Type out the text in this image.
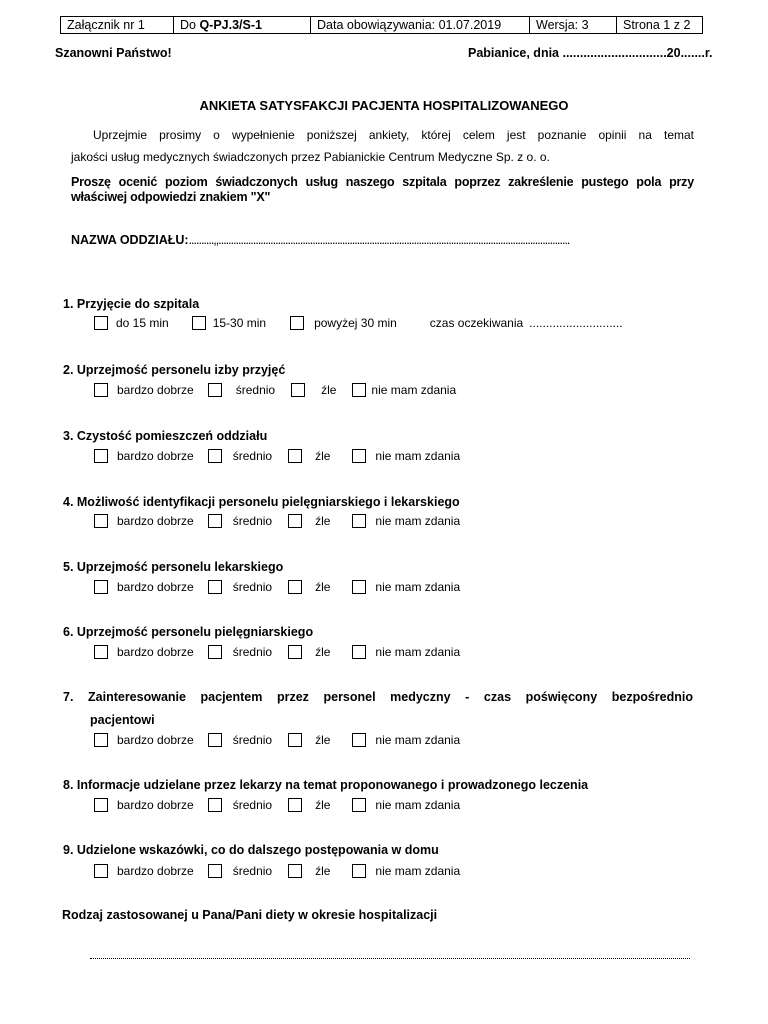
Załącznik nr 1	Do Q-PJ.3/S-1	Data obowiązywania: 01.07.2019	Wersja: 3	Strona 1 z 2
Szanowni Państwo!	Pabianice, dnia ..............................20.......r.
ANKIETA SATYSFAKCJI PACJENTA HOSPITALIZOWANEGO

Uprzejmie prosimy o wypełnienie poniższej ankiety, której celem jest poznanie opinii na temat

jakości usług medycznych świadczonych przez Pabianickie Centrum Medyczne Sp. z o. o.

Proszę ocenić poziom świadczonych usług naszego szpitala poprzez zakreślenie pustego pola przy właściwej odpowiedzi znakiem "X"
NAZWA ODDZIAŁU:..........,,..............................................................................................................................................
1. Przyjęcie do szpitala
do 15 min	15-30 min	powyżej 30 min	czas oczekiwania ............................
2. Uprzejmość personelu izby przyjęć
bardzo dobrze	średnio	źle	nie mam zdania
3. Czystość pomieszczeń oddziału
bardzo dobrze	średnio	źle	nie mam zdania
4. Możliwość identyfikacji personelu pielęgniarskiego i lekarskiego
bardzo dobrze	średnio	źle	nie mam zdania
5. Uprzejmość personelu lekarskiego
bardzo dobrze	średnio	źle	nie mam zdania
6. Uprzejmość personelu pielęgniarskiego
bardzo dobrze	średnio	źle	nie mam zdania
7. Zainteresowanie pacjentem przez personel medyczny - czas poświęcony bezpośrednio
pacjentowi
bardzo dobrze	średnio	źle	nie mam zdania
8. Informacje udzielane przez lekarzy na temat proponowanego i prowadzonego leczenia
bardzo dobrze	średnio	źle	nie mam zdania
9. Udzielone wskazówki, co do dalszego postępowania w domu
bardzo dobrze	średnio	źle	nie mam zdania
Rodzaj zastosowanej u Pana/Pani diety w okresie hospitalizacji
